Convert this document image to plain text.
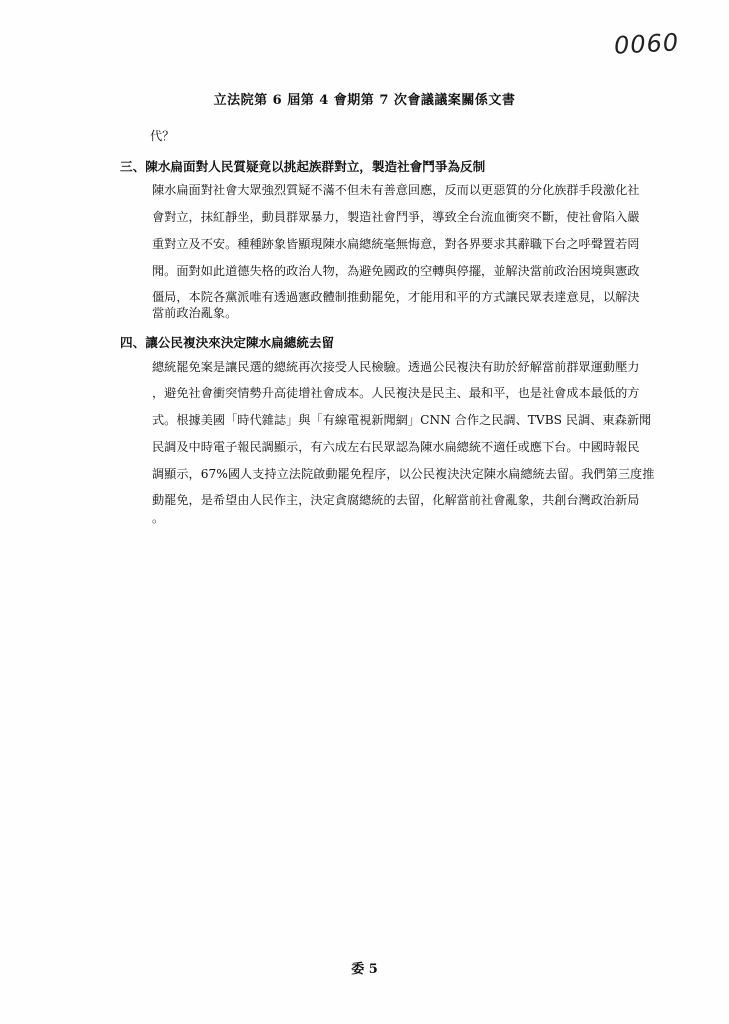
0060
立法院第 6 屆第 4 會期第 7 次會議議案關係文書
代？
三、陳水扁面對人民質疑竟以挑起族群對立，製造社會鬥爭為反制
陳水扁面對社會大眾強烈質疑不滿不但未有善意回應，反而以更惡質的分化族群手段激化社
會對立，抹紅靜坐，動員群眾暴力，製造社會鬥爭，導致全台流血衝突不斷，使社會陷入嚴
重對立及不安。種種跡象皆顯現陳水扁總統毫無悔意，對各界要求其辭職下台之呼聲置若罔
聞。面對如此道德失格的政治人物，為避免國政的空轉與停擺，並解決當前政治困境與憲政
僵局，本院各黨派唯有透過憲政體制推動罷免，才能用和平的方式讓民眾表達意見，以解決
當前政治亂象。
四、讓公民複決來決定陳水扁總統去留
總統罷免案是讓民選的總統再次接受人民檢驗。透過公民複決有助於紓解當前群眾運動壓力
，避免社會衝突情勢升高徒增社會成本。人民複決是民主、最和平，也是社會成本最低的方
式。根據美國「時代雜誌」與「有線電視新聞網」CNN 合作之民調、TVBS 民調、東森新聞
民調及中時電子報民調顯示，有六成左右民眾認為陳水扁總統不適任或應下台。中國時報民
調顯示，67%國人支持立法院啟動罷免程序，以公民複決決定陳水扁總統去留。我們第三度推
動罷免，是希望由人民作主，決定貪腐總統的去留，化解當前社會亂象，共創台灣政治新局
。
委 5
